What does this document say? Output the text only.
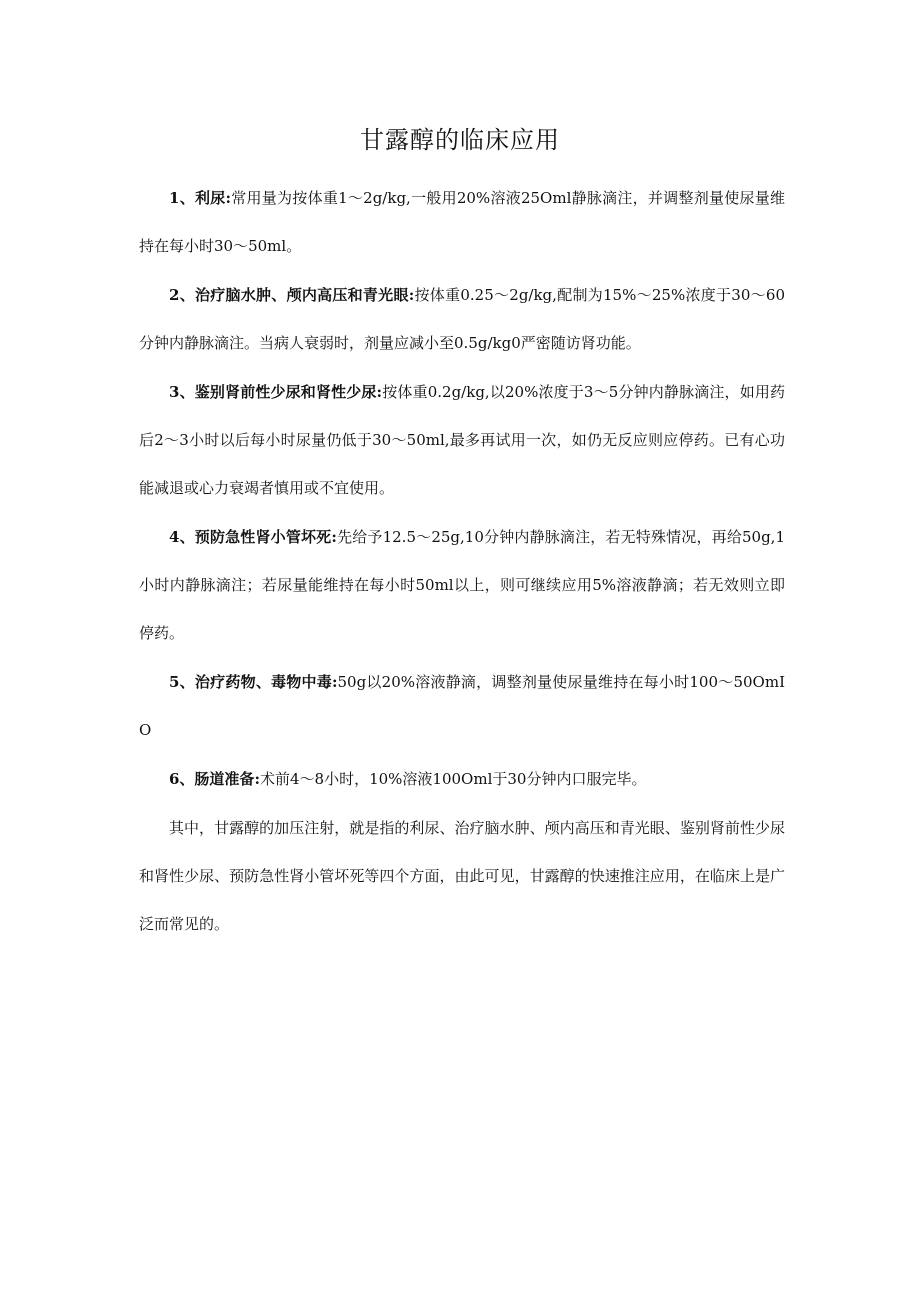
甘露醇的临床应用

1、利尿:常用量为按体重1～2g/kg,一般用20%溶液25Oml静脉滴注，并调整剂量使尿量维持在每小时30～50ml。

2、治疗脑水肿、颅内高压和青光眼:按体重0.25～2g/kg,配制为15%～25%浓度于30～60分钟内静脉滴注。当病人衰弱时，剂量应减小至0.5g/kg0严密随访肾功能。

3、鉴别肾前性少尿和肾性少尿:按体重0.2g/kg,以20%浓度于3～5分钟内静脉滴注，如用药后2～3小时以后每小时尿量仍低于30～50ml,最多再试用一次，如仍无反应则应停药。已有心功能减退或心力衰竭者慎用或不宜使用。

4、预防急性肾小管坏死:先给予12.5～25g,10分钟内静脉滴注，若无特殊情况，再给50g,1小时内静脉滴注；若尿量能维持在每小时50ml以上，则可继续应用5%溶液静滴；若无效则立即停药。

5、治疗药物、毒物中毒:50g以20%溶液静滴，调整剂量使尿量维持在每小时100～50OmIO

6、肠道准备:术前4～8小时，10%溶液100Oml于30分钟内口服完毕。

其中，甘露醇的加压注射，就是指的利尿、治疗脑水肿、颅内高压和青光眼、鉴别肾前性少尿和肾性少尿、预防急性肾小管坏死等四个方面，由此可见，甘露醇的快速推注应用，在临床上是广泛而常见的。
